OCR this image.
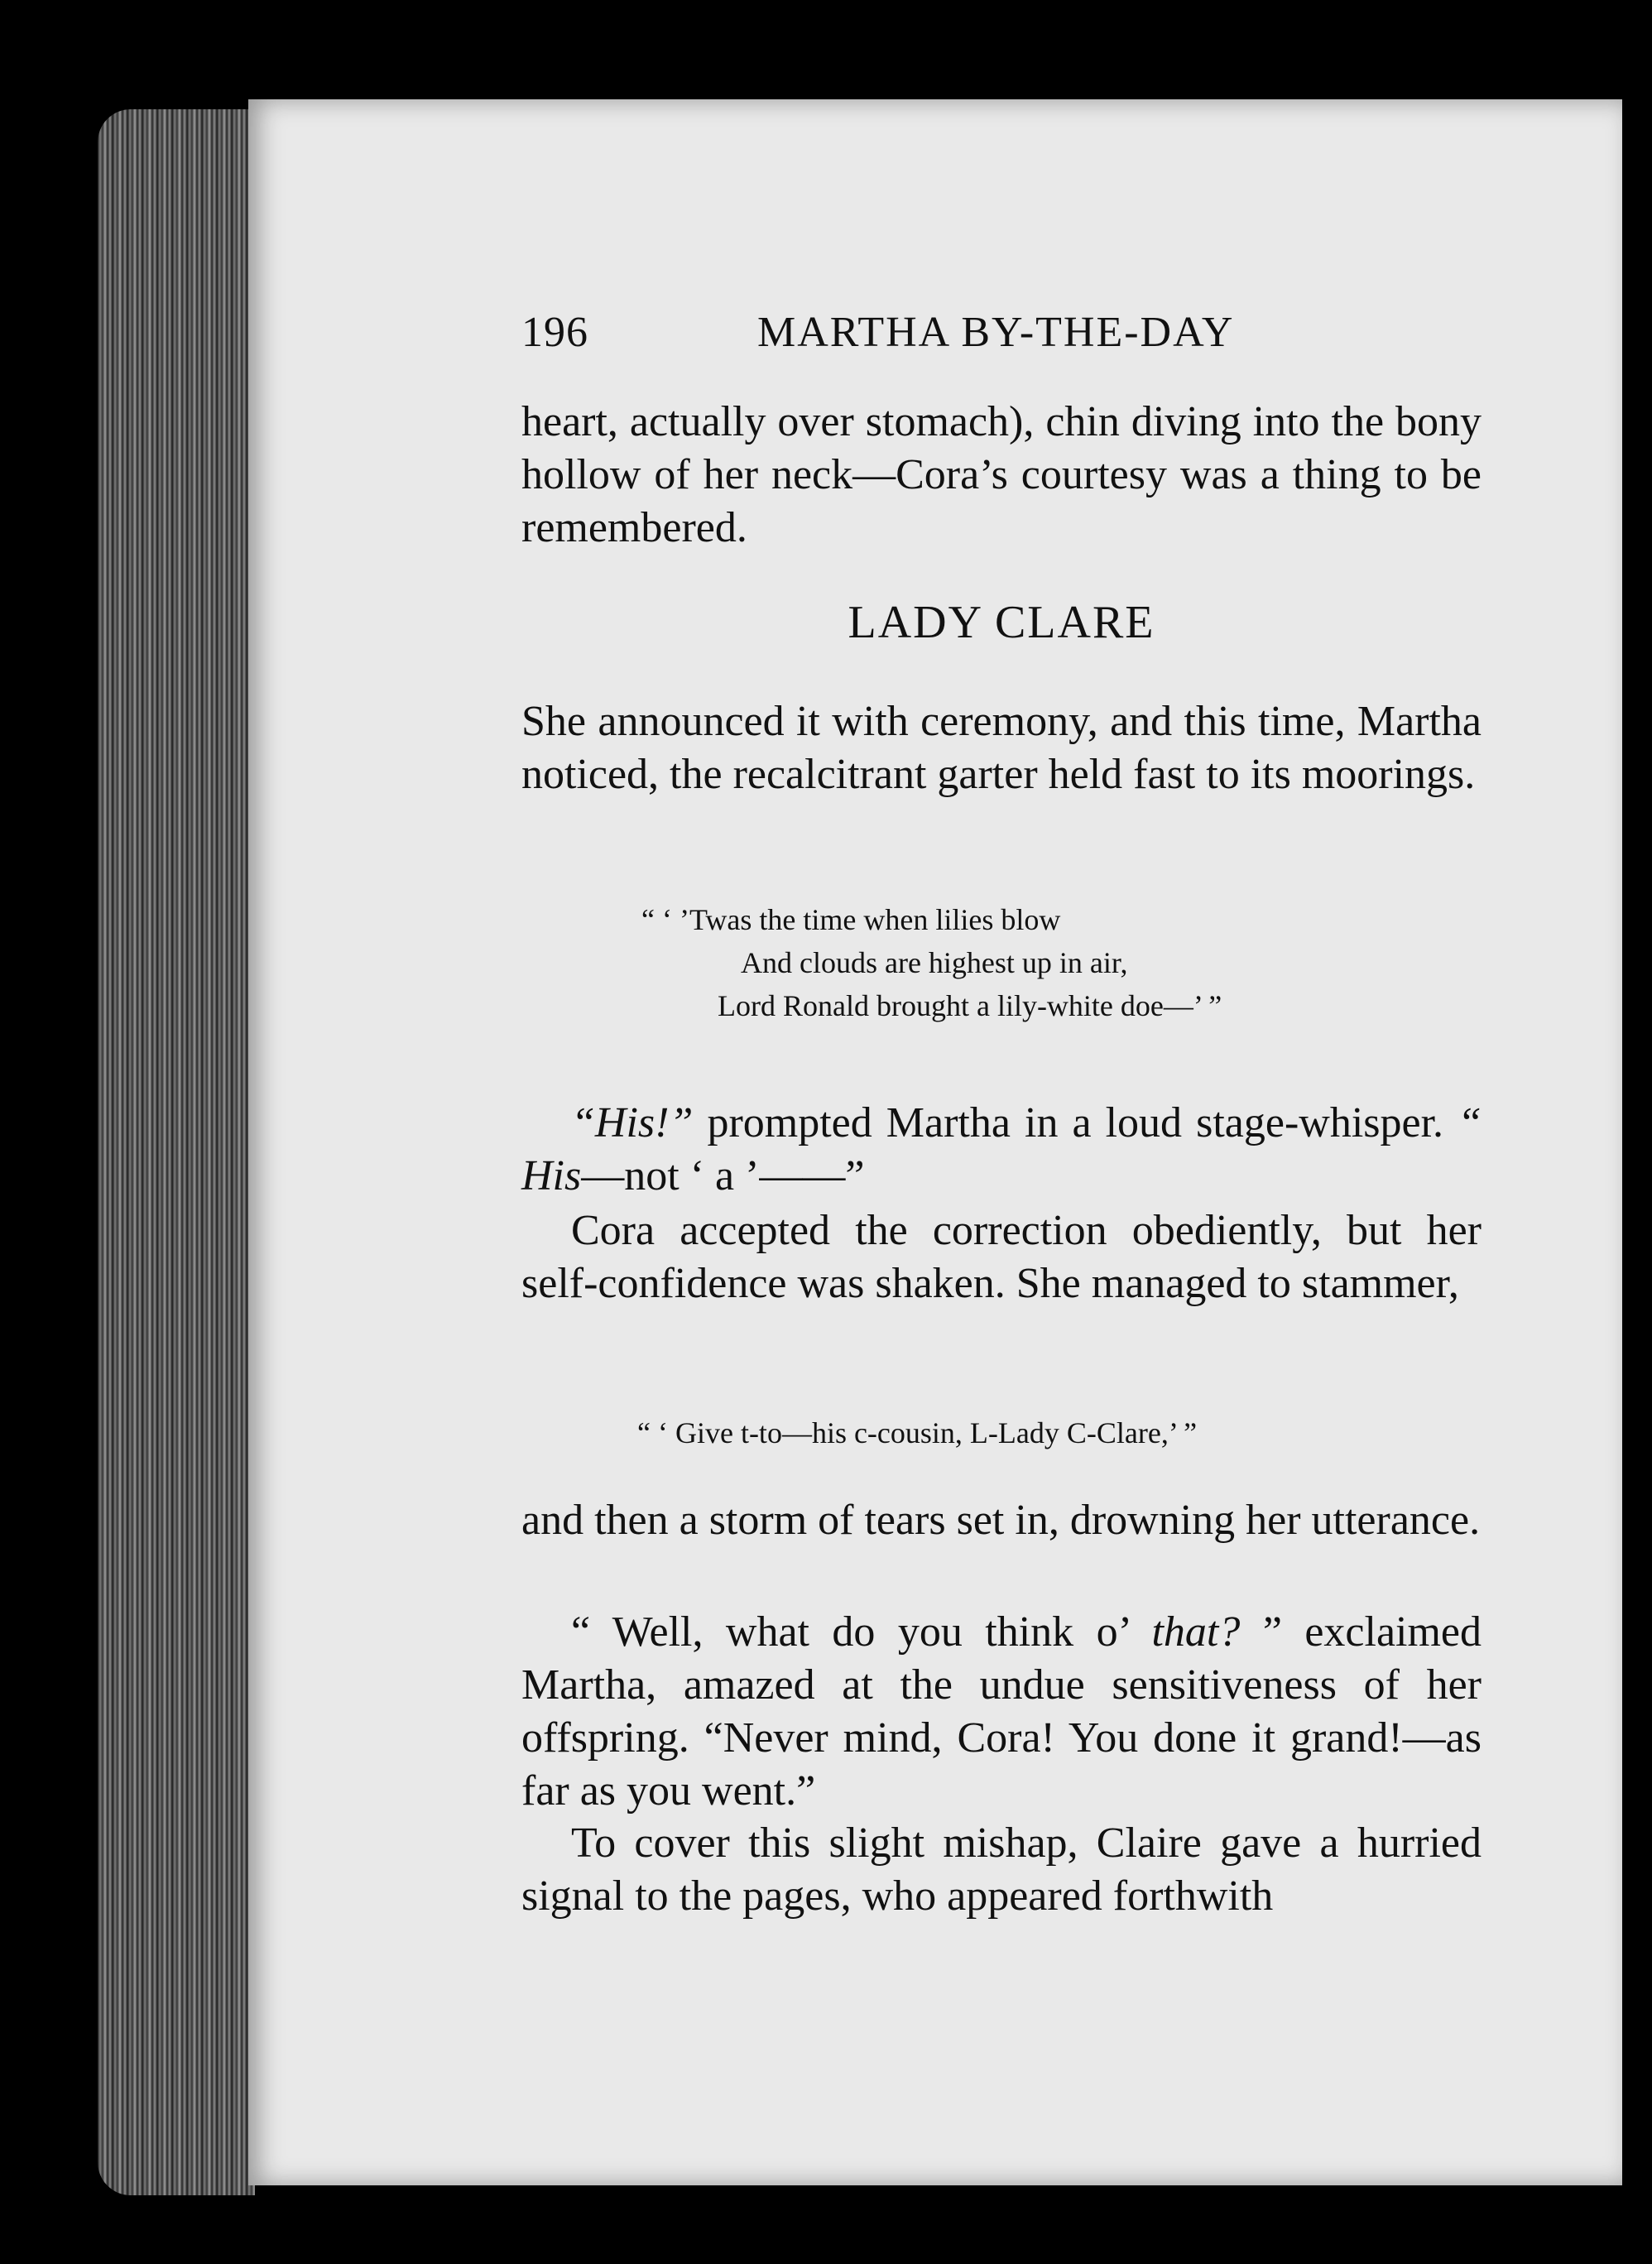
196	MARTHA BY-THE-DAY

heart, actually over stomach), chin diving into the bony hollow of her neck—Cora’s courtesy was a thing to be remembered.

LADY CLARE

She announced it with ceremony, and this time, Martha noticed, the recalcitrant garter held fast to its moorings.

“ ‘ ’Twas the time when lilies blow
And clouds are highest up in air,
Lord Ronald brought a lily-white doe—’ ”

“His!” prompted Martha in a loud stage-whisper. “ His—not ‘ a ’——”

Cora accepted the correction obediently, but her self-confidence was shaken. She managed to stammer,

“ ‘ Give t-to—his c-cousin, L-Lady C-Clare,’ ”

and then a storm of tears set in, drowning her utterance.

“ Well, what do you think o’ that? ” exclaimed Martha, amazed at the undue sensitiveness of her offspring. “Never mind, Cora! You done it grand!—as far as you went.”

To cover this slight mishap, Claire gave a hurried signal to the pages, who appeared forthwith
